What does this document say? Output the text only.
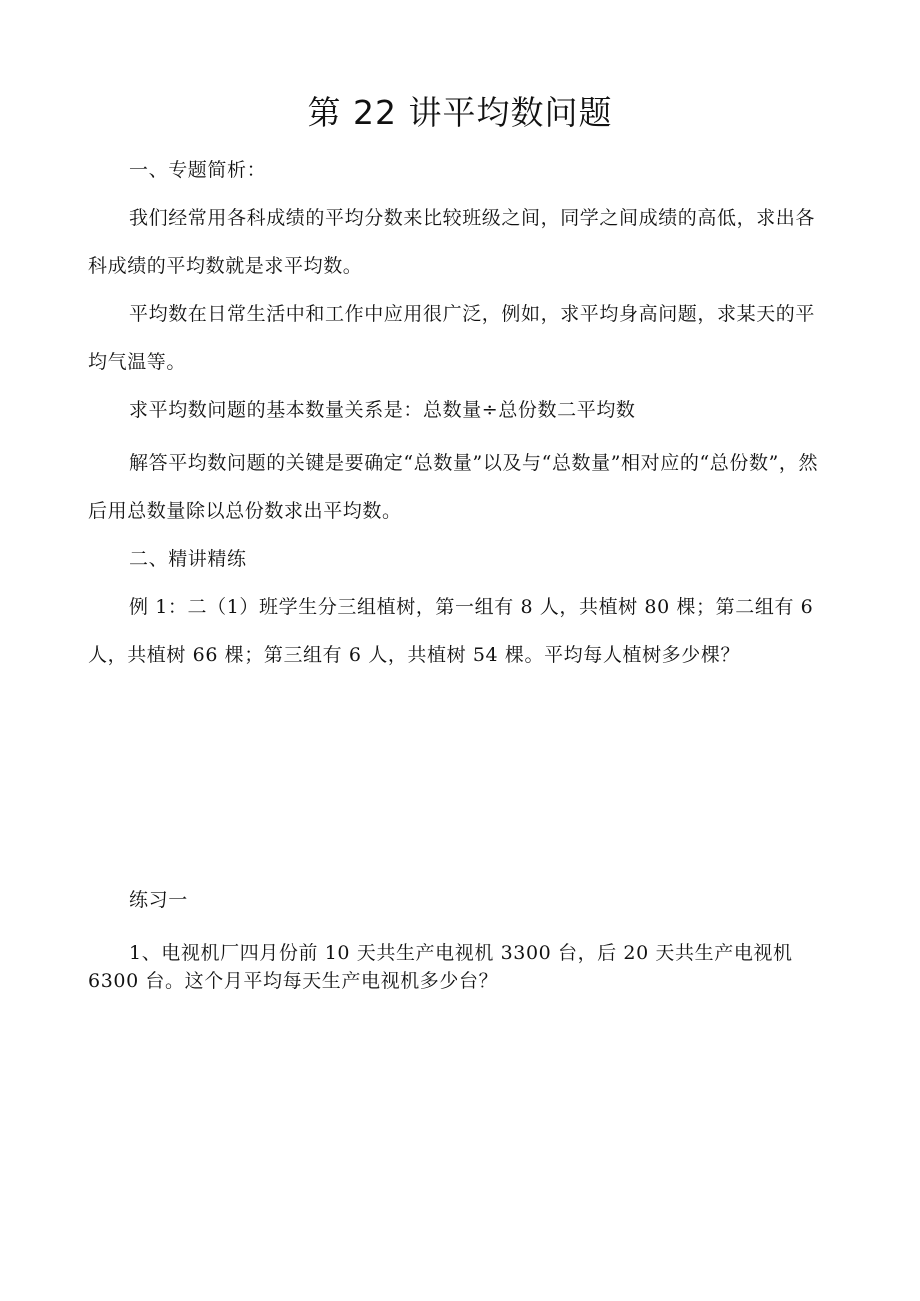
第 22 讲平均数问题

一、专题简析：

我们经常用各科成绩的平均分数来比较班级之间，同学之间成绩的高低，求出各科成绩的平均数就是求平均数。

平均数在日常生活中和工作中应用很广泛，例如，求平均身高问题，求某天的平均气温等。

求平均数问题的基本数量关系是：总数量÷总份数二平均数

解答平均数问题的关键是要确定“总数量”以及与“总数量”相对应的“总份数”，然后用总数量除以总份数求出平均数。

二、精讲精练

例 1：二（1）班学生分三组植树，第一组有 8 人，共植树 80 棵；第二组有 6 人，共植树 66 棵；第三组有 6 人，共植树 54 棵。平均每人植树多少棵？

练习一

1、电视机厂四月份前 10 天共生产电视机 3300 台，后 20 天共生产电视机 6300 台。这个月平均每天生产电视机多少台？
